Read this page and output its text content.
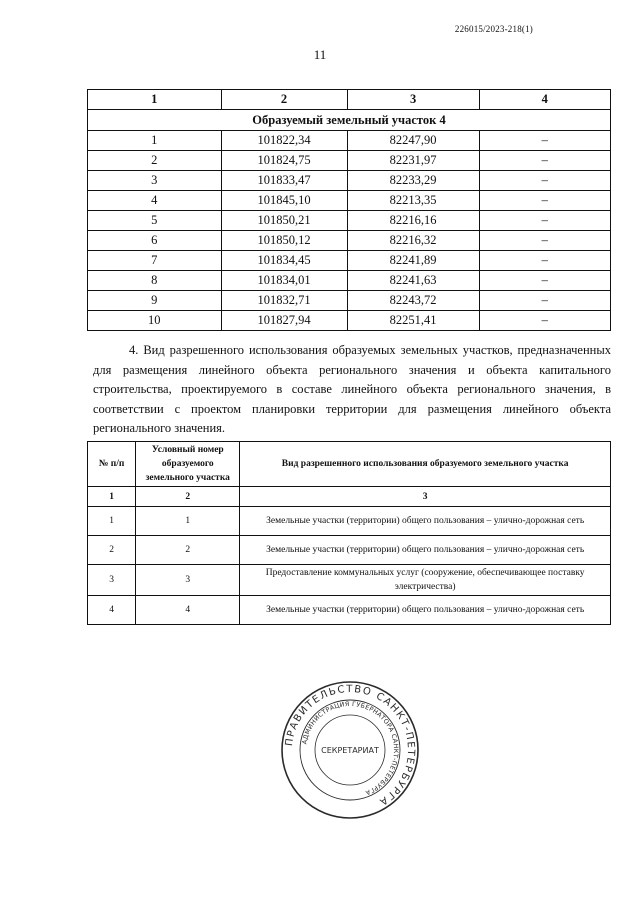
226015/2023-218(1)
11
1	2	3	4
Образуемый земельный участок 4			
1	101822,34	82247,90	–
2	101824,75	82231,97	–
3	101833,47	82233,29	–
4	101845,10	82213,35	–
5	101850,21	82216,16	–
6	101850,12	82216,32	–
7	101834,45	82241,89	–
8	101834,01	82241,63	–
9	101832,71	82243,72	–
10	101827,94	82251,41	–

4. Вид разрешенного использования образуемых земельных участков, предназначенных для размещения линейного объекта регионального значения и объекта капитального строительства, проектируемого в составе линейного объекта регионального значения, в соответствии с проектом планировки территории для размещения линейного объекта регионального значения.

№ п/п	Условный номер образуемого земельного участка	Вид разрешенного использования образуемого земельного участка
1	2	3
1	1	Земельные участки (территории) общего пользования – улично-дорожная сеть
2	2	Земельные участки (территории) общего пользования – улично-дорожная сеть
3	3	Предоставление коммунальных услуг (сооружение, обеспечивающее поставку электричества)
4	4	Земельные участки (территории) общего пользования – улично-дорожная сеть
ПРАВИТЕЛЬСТВО САНКТ-ПЕТЕРБУРГА
АДМИНИСТРАЦИЯ ГУБЕРНАТОРА САНКТ-ПЕТЕРБУРГА
СЕКРЕТАРИАТ
